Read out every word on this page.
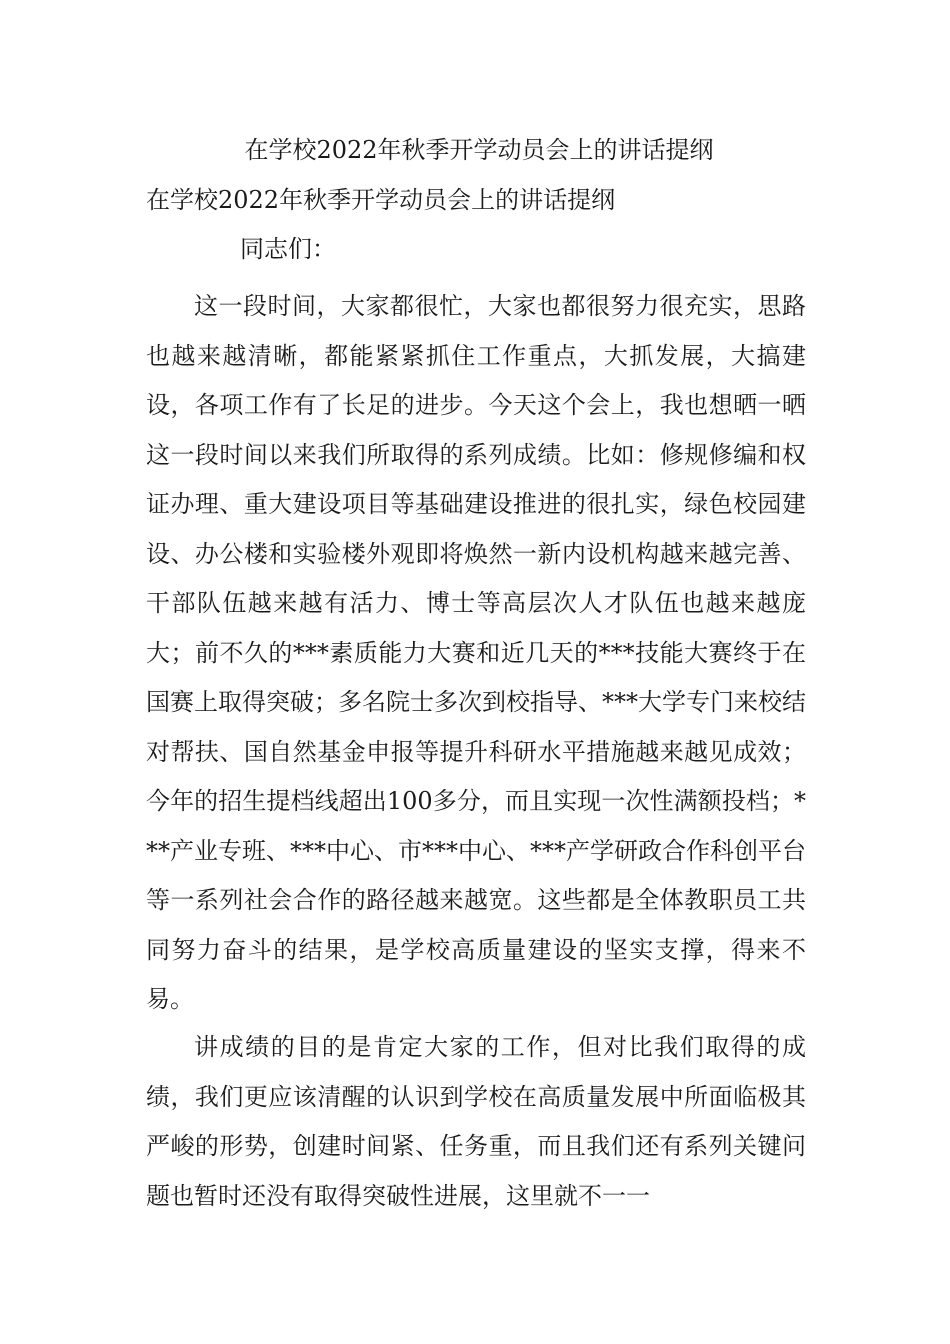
在学校2022年秋季开学动员会上的讲话提纲
在学校2022年秋季开学动员会上的讲话提纲

同志们：

这一段时间，大家都很忙，大家也都很努力很充实，思路也越来越清晰，都能紧紧抓住工作重点，大抓发展，大搞建设，各项工作有了长足的进步。今天这个会上，我也想晒一晒这一段时间以来我们所取得的系列成绩。比如：修规修编和权证办理、重大建设项目等基础建设推进的很扎实，绿色校园建设、办公楼和实验楼外观即将焕然一新内设机构越来越完善、干部队伍越来越有活力、博士等高层次人才队伍也越来越庞大；前不久的***素质能力大赛和近几天的***技能大赛终于在国赛上取得突破；多名院士多次到校指导、***大学专门来校结对帮扶、国自然基金申报等提升科研水平措施越来越见成效；今年的招生提档线超出100多分，而且实现一次性满额投档；***产业专班、***中心、市***中心、***产学研政合作科创平台等一系列社会合作的路径越来越宽。这些都是全体教职员工共同努力奋斗的结果，是学校高质量建设的坚实支撑，得来不易。

讲成绩的目的是肯定大家的工作，但对比我们取得的成绩，我们更应该清醒的认识到学校在高质量发展中所面临极其严峻的形势，创建时间紧、任务重，而且我们还有系列关键问题也暂时还没有取得突破性进展，这里就不一一
